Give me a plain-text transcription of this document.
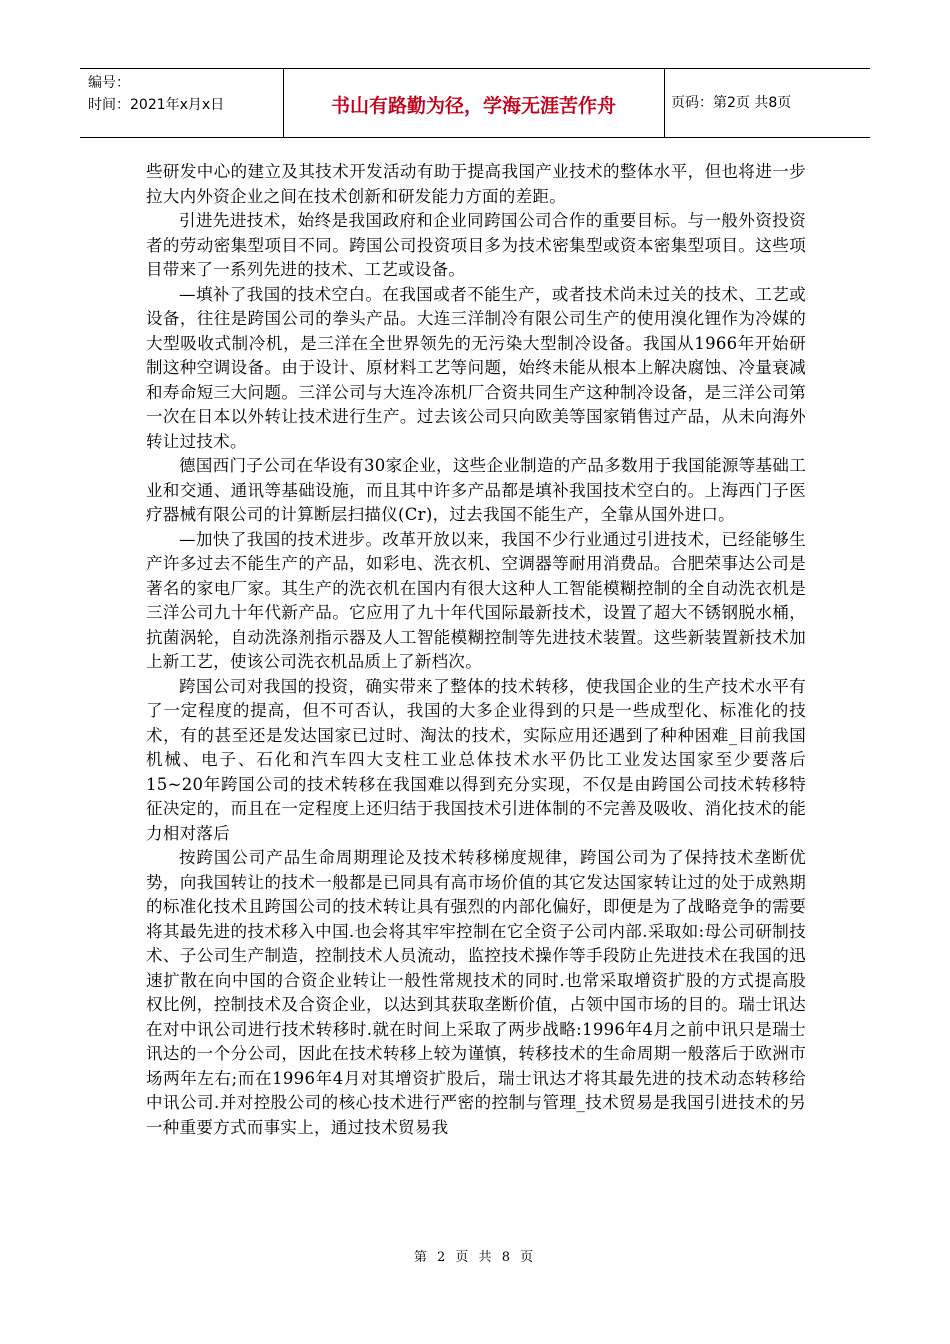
编号：
时间：2021年x月x日	书山有路勤为径，学海无涯苦作舟	页码：第2页 共8页

些研发中心的建立及其技术开发活动有助于提高我国产业技术的整体水平，但也将进一步拉大内外资企业之间在技术创新和研发能力方面的差距。

引进先进技术，始终是我国政府和企业同跨国公司合作的重要目标。与一般外资投资者的劳动密集型项目不同。跨国公司投资项目多为技术密集型或资本密集型项目。这些项目带来了一系列先进的技术、工艺或设备。

—填补了我国的技术空白。在我国或者不能生产，或者技术尚未过关的技术、工艺或设备，往往是跨国公司的拳头产品。大连三洋制冷有限公司生产的使用溴化锂作为冷媒的大型吸收式制冷机，是三洋在全世界领先的无污染大型制冷设备。我国从1966年开始研制这种空调设备。由于设计、原材料工艺等问题，始终未能从根本上解决腐蚀、冷量衰减和寿命短三大问题。三洋公司与大连冷冻机厂合资共同生产这种制冷设备，是三洋公司第一次在日本以外转让技术进行生产。过去该公司只向欧美等国家销售过产品，从未向海外转让过技术。

德国西门子公司在华设有30家企业，这些企业制造的产品多数用于我国能源等基础工业和交通、通讯等基础设施，而且其中许多产品都是填补我国技术空白的。上海西门子医疗器械有限公司的计算断层扫描仪(Cr)，过去我国不能生产，全靠从国外进口。

—加快了我国的技术进步。改革开放以来，我国不少行业通过引进技术，已经能够生产许多过去不能生产的产品，如彩电、洗衣机、空调器等耐用消费品。合肥荣事达公司是著名的家电厂家。其生产的洗衣机在国内有很大这种人工智能模糊控制的全自动洗衣机是三洋公司九十年代新产品。它应用了九十年代国际最新技术，设置了超大不锈钢脱水桶，抗菌涡轮，自动洗涤剂指示器及人工智能模糊控制等先进技术装置。这些新装置新技术加上新工艺，使该公司洗衣机品质上了新档次。

跨国公司对我国的投资，确实带来了整体的技术转移，使我国企业的生产技术水平有了一定程度的提高，但不可否认，我国的大多企业得到的只是一些成型化、标准化的技术，有的甚至还是发达国家已过时、淘汰的技术，实际应用还遇到了种种困难_目前我国机械、电子、石化和汽车四大支柱工业总体技术水平仍比工业发达国家至少要落后15~20年跨国公司的技术转移在我国难以得到充分实现，不仅是由跨国公司技术转移特征决定的，而且在一定程度上还归结于我国技术引进体制的不完善及吸收、消化技术的能力相对落后

按跨国公司产品生命周期理论及技术转移梯度规律，跨国公司为了保持技术垄断优势，向我国转让的技术一般都是已同具有高市场价值的其它发达国家转让过的处于成熟期的标准化技术且跨国公司的技术转让具有强烈的内部化偏好，即便是为了战略竞争的需要将其最先进的技术移入中国.也会将其牢牢控制在它全资子公司内部.采取如:母公司研制技术、子公司生产制造，控制技术人员流动，监控技术操作等手段防止先进技术在我国的迅速扩散在向中国的合资企业转让一般性常规技术的同时.也常采取增资扩股的方式提高股权比例，控制技术及合资企业，以达到其获取垄断价值，占领中国市场的目的。瑞士讯达在对中讯公司进行技术转移时.就在时间上采取了两步战略:1996年4月之前中讯只是瑞士讯达的一个分公司，因此在技术转移上较为谨慎，转移技术的生命周期一般落后于欧洲市场两年左右;而在1996年4月对其增资扩股后，瑞士讯达才将其最先进的技术动态转移给中讯公司.并对控股公司的核心技术进行严密的控制与管理_技术贸易是我国引进技术的另一种重要方式而事实上，通过技术贸易我

第 2 页 共 8 页
